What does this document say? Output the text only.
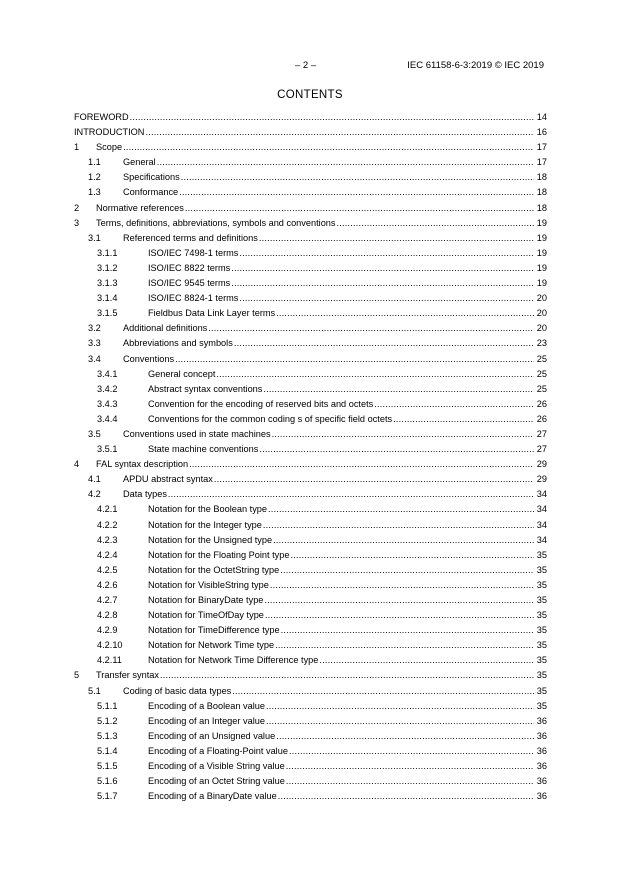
– 2 –	IEC 61158-6-3:2019 © IEC 2019
CONTENTS
FOREWORD .....	14
INTRODUCTION .....	16
1	Scope .....	17
1.1	General .....	17
1.2	Specifications .....	18
1.3	Conformance .....	18
2	Normative references .....	18
3	Terms, definitions, abbreviations, symbols and conventions .....	19
3.1	Referenced terms and definitions .....	19
3.1.1	ISO/IEC 7498-1 terms .....	19
3.1.2	ISO/IEC 8822 terms .....	19
3.1.3	ISO/IEC 9545 terms .....	19
3.1.4	ISO/IEC 8824-1 terms .....	20
3.1.5	Fieldbus Data Link Layer terms .....	20
3.2	Additional definitions .....	20
3.3	Abbreviations and symbols .....	23
3.4	Conventions .....	25
3.4.1	General concept .....	25
3.4.2	Abstract syntax conventions .....	25
3.4.3	Convention for the encoding of reserved bits and octets .....	26
3.4.4	Conventions for the common coding s of specific field octets .....	26
3.5	Conventions used in state machines .....	27
3.5.1	State machine conventions .....	27
4	FAL syntax description .....	29
4.1	APDU abstract syntax .....	29
4.2	Data types .....	34
4.2.1	Notation for the Boolean type .....	34
4.2.2	Notation for the Integer type .....	34
4.2.3	Notation for the Unsigned type .....	34
4.2.4	Notation for the Floating Point type .....	35
4.2.5	Notation for the OctetString type .....	35
4.2.6	Notation for VisibleString type .....	35
4.2.7	Notation for BinaryDate type .....	35
4.2.8	Notation for TimeOfDay type .....	35
4.2.9	Notation for TimeDifference type .....	35
4.2.10	Notation for Network Time type .....	35
4.2.11	Notation for Network Time Difference type .....	35
5	Transfer syntax .....	35
5.1	Coding of basic data types .....	35
5.1.1	Encoding of a Boolean value .....	35
5.1.2	Encoding of an Integer value .....	36
5.1.3	Encoding of an Unsigned value .....	36
5.1.4	Encoding of a Floating-Point value .....	36
5.1.5	Encoding of a Visible String value .....	36
5.1.6	Encoding of an Octet String value .....	36
5.1.7	Encoding of a BinaryDate value .....	36
